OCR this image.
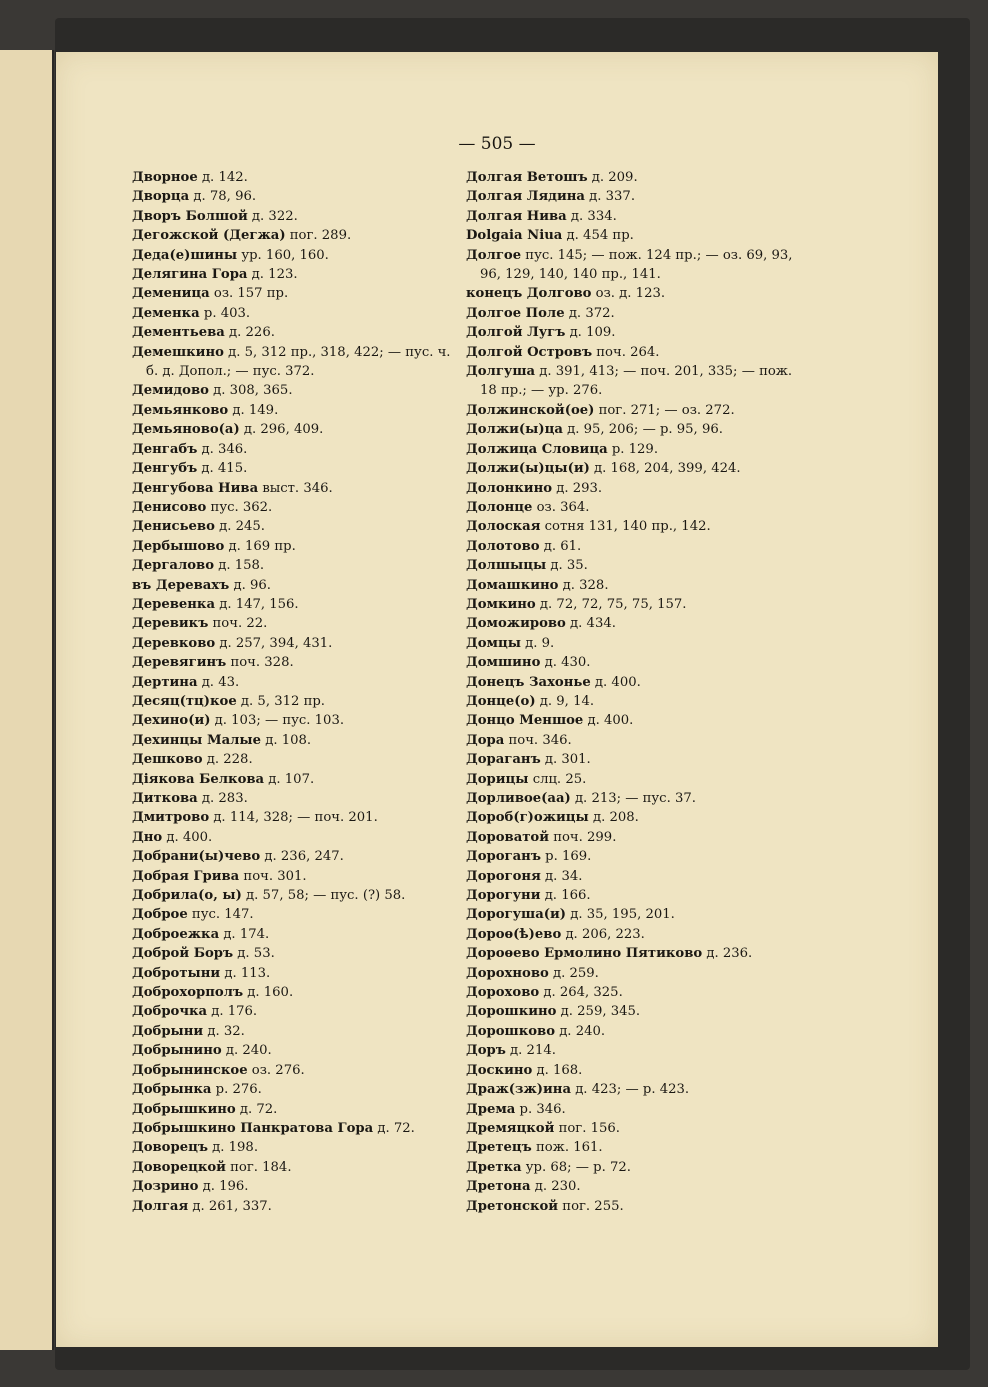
— 505 —
Дворное д. 142.
Дворца д. 78, 96.
Дворъ Болшой д. 322.
Дегожской (Дегжа) пог. 289.
Деда(е)шины ур. 160, 160.
Делягина Гора д. 123.
Деменица оз. 157 пр.
Деменка р. 403.
Дементьева д. 226.
Демешкино д. 5, 312 пр., 318, 422; — пус. ч. б. д. Допол.; — пус. 372.
Демидово д. 308, 365.
Демьянково д. 149.
Демьяново(а) д. 296, 409.
Денгабъ д. 346.
Денгубъ д. 415.
Денгубова Нива выст. 346.
Денисово пус. 362.
Денисьево д. 245.
Дербышово д. 169 пр.
Дергалово д. 158.
въ Деревахъ д. 96.
Деревенка д. 147, 156.
Деревикъ поч. 22.
Деревково д. 257, 394, 431.
Деревягинъ поч. 328.
Дертина д. 43.
Десяц(тц)кое д. 5, 312 пр.
Дехино(и) д. 103; — пус. 103.
Дехинцы Малые д. 108.
Дешково д. 228.
Дiякова Белкова д. 107.
Диткова д. 283.
Дмитрово д. 114, 328; — поч. 201.
Дно д. 400.
Добрани(ы)чево д. 236, 247.
Добрая Грива поч. 301.
Добрила(о, ы) д. 57, 58; — пус. (?) 58.
Доброе пус. 147.
Доброежка д. 174.
Доброй Боръ д. 53.
Добротыни д. 113.
Доброхорполъ д. 160.
Доброчка д. 176.
Добрыни д. 32.
Добрынино д. 240.
Добрынинское оз. 276.
Добрынка р. 276.
Добрышкино д. 72.
Добрышкино Панкратова Гора д. 72.
Доворецъ д. 198.
Доворецкой пог. 184.
Дозрино д. 196.
Долгая д. 261, 337.
Долгая Ветошъ д. 209.
Долгая Лядина д. 337.
Долгая Нива д. 334.
Dolgaia Niua д. 454 пр.
Долгое пус. 145; — пож. 124 пр.; — оз. 69, 93, 96, 129, 140, 140 пр., 141.
конецъ Долгово оз. д. 123.
Долгое Поле д. 372.
Долгой Лугъ д. 109.
Долгой Островъ поч. 264.
Долгуша д. 391, 413; — поч. 201, 335; — пож. 18 пр.; — ур. 276.
Должинской(ое) пог. 271; — оз. 272.
Должи(ы)ца д. 95, 206; — р. 95, 96.
Должица Словица р. 129.
Должи(ы)цы(и) д. 168, 204, 399, 424.
Долонкино д. 293.
Долонце оз. 364.
Долоская сотня 131, 140 пр., 142.
Долотово д. 61.
Долшыцы д. 35.
Домашкино д. 328.
Домкино д. 72, 72, 75, 75, 157.
Доможирово д. 434.
Домцы д. 9.
Домшино д. 430.
Донецъ Захонье д. 400.
Донце(о) д. 9, 14.
Донцо Меншое д. 400.
Дора поч. 346.
Дораганъ д. 301.
Дорицы слц. 25.
Дорливое(аа) д. 213; — пус. 37.
Дороб(г)ожицы д. 208.
Доровaтой поч. 299.
Дороганъ р. 169.
Дорогоня д. 34.
Дорогуни д. 166.
Дорогуша(и) д. 35, 195, 201.
Дороѳ(ѣ)ево д. 206, 223.
Дороѳево Ермолино Пятиково д. 236.
Дорохново д. 259.
Дорохово д. 264, 325.
Дорошкино д. 259, 345.
Дорошково д. 240.
Доръ д. 214.
Доскино д. 168.
Драж(зж)ина д. 423; — р. 423.
Дрема р. 346.
Дремяцкой пог. 156.
Дретецъ пож. 161.
Дретка ур. 68; — р. 72.
Дретона д. 230.
Дретонской пог. 255.
